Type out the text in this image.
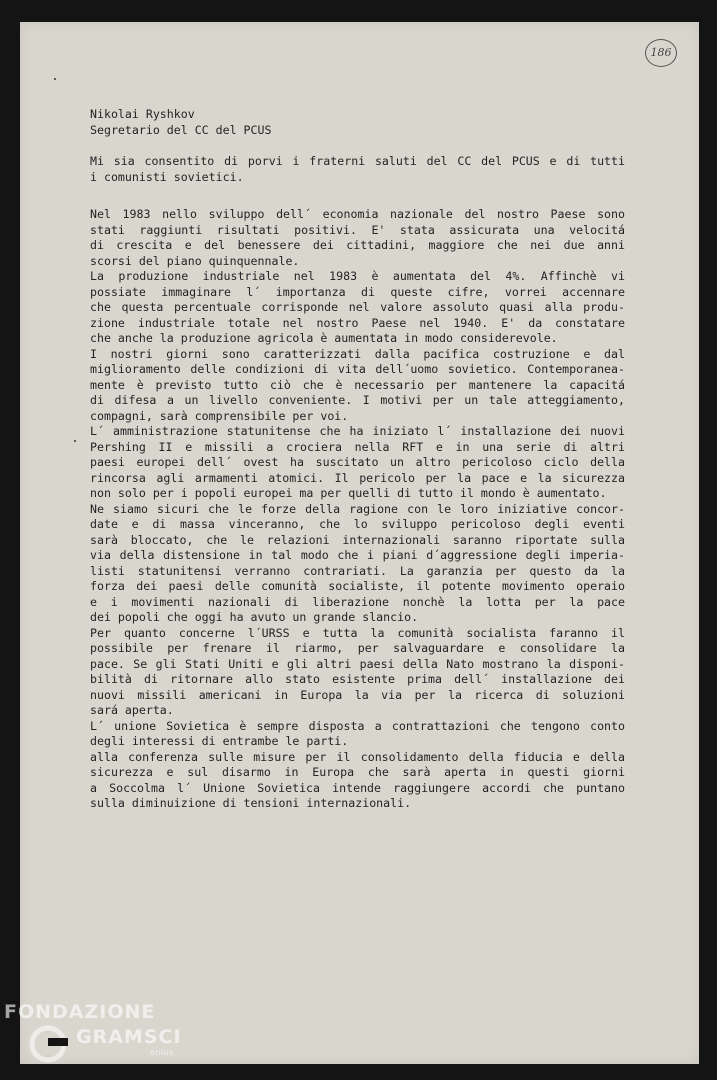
186
Nikolai Ryshkov
Segretario del CC del PCUS
Mi sia consentito di porvi i fraterni saluti del CC del PCUS e di tutti
i comunisti sovietici.
Nel 1983 nello sviluppo dell´ economia nazionale del nostro Paese sono
stati raggiunti risultati positivi. E' stata assicurata una velocitá
di crescita e del benessere dei cittadini, maggiore che nei due anni
scorsi del piano quinquennale.
La produzione industriale nel 1983 è aumentata del 4%. Affinchè vi
possiate immaginare l´ importanza di queste cifre, vorrei accennare
che questa percentuale corrisponde nel valore assoluto quasi alla produ-
zione industriale totale nel nostro Paese nel 1940. E' da constatare
che anche la produzione agricola è aumentata in modo considerevole.
I nostri giorni sono caratterizzati dalla pacifica costruzione e dal
miglioramento delle condizioni di vita dell´uomo sovietico. Contemporanea-
mente è previsto tutto ciò che è necessario per mantenere la capacitá
di difesa a un livello conveniente. I motivi per un tale atteggiamento,
compagni, sarà comprensibile per voi.
L´ amministrazione statunitense che ha iniziato l´ installazione dei nuovi
Pershing II e missili a crociera nella RFT e in una serie di altri
paesi europei dell´ ovest ha suscitato un altro pericoloso ciclo della
rincorsa agli armamenti atomici. Il pericolo per la pace e la sicurezza
non solo per i popoli europei ma per quelli di tutto il mondo è aumentato.
Ne siamo sicuri che le forze della ragione con le loro iniziative concor-
date e di massa vinceranno, che lo sviluppo pericoloso degli eventi
sarà bloccato, che le relazioni internazionali saranno riportate sulla
via della distensione in tal modo che i piani d´aggressione degli imperia-
listi statunitensi verranno contrariati. La garanzia per questo da la
forza dei paesi delle comunità socialiste, il potente movimento operaio
e i movimenti nazionali di liberazione nonchè la lotta per la pace
dei popoli che oggi ha avuto un grande slancio.
Per quanto concerne l´URSS e tutta la comunità socialista faranno il
possibile per frenare il riarmo, per salvaguardare e consolidare la
pace. Se gli Stati Uniti e gli altri paesi della Nato mostrano la disponi-
bilità di ritornare allo stato esistente prima dell´ installazione dei
nuovi missili americani in Europa la via per la ricerca di soluzioni
sará aperta.
L´ unione Sovietica è sempre disposta a contrattazioni che tengono conto
degli interessi di entrambe le parti.
alla conferenza sulle misure per il consolidamento della fiducia e della
sicurezza e sul disarmo in Europa che sarà aperta in questi giorni
a Soccolma l´ Unione Sovietica intende raggiungere accordi che puntano
sulla diminuizione di tensioni internazionali.
FONDAZIONE
GRAMSCI
onlus
